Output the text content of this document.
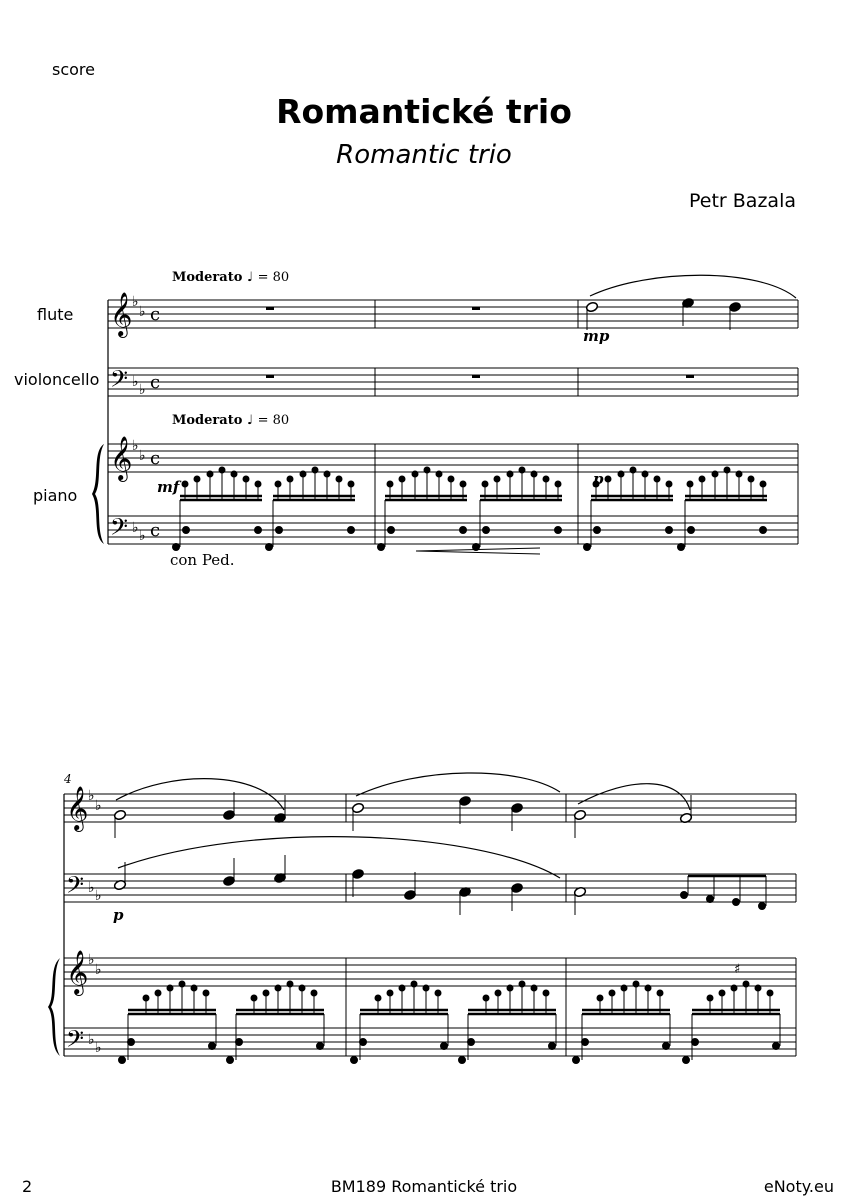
score
Romantické trio
Romantic trio
Petr Bazala
Moderato ♩ = 80
Moderato ♩ = 80
flute
violoncello
piano	mf
mp
p
con Ped.
4
p
𝄞
𝄢
𝄞
𝄢
♭
♭
♭ ♭
♭
♭
♭ ♭
c
c
c
c
𝄞
𝄢
𝄞
𝄢
♭
♭
♭ ♭
♭
♭
♭ ♭
♯
2	BM189 Romantické trio	eNoty.eu
